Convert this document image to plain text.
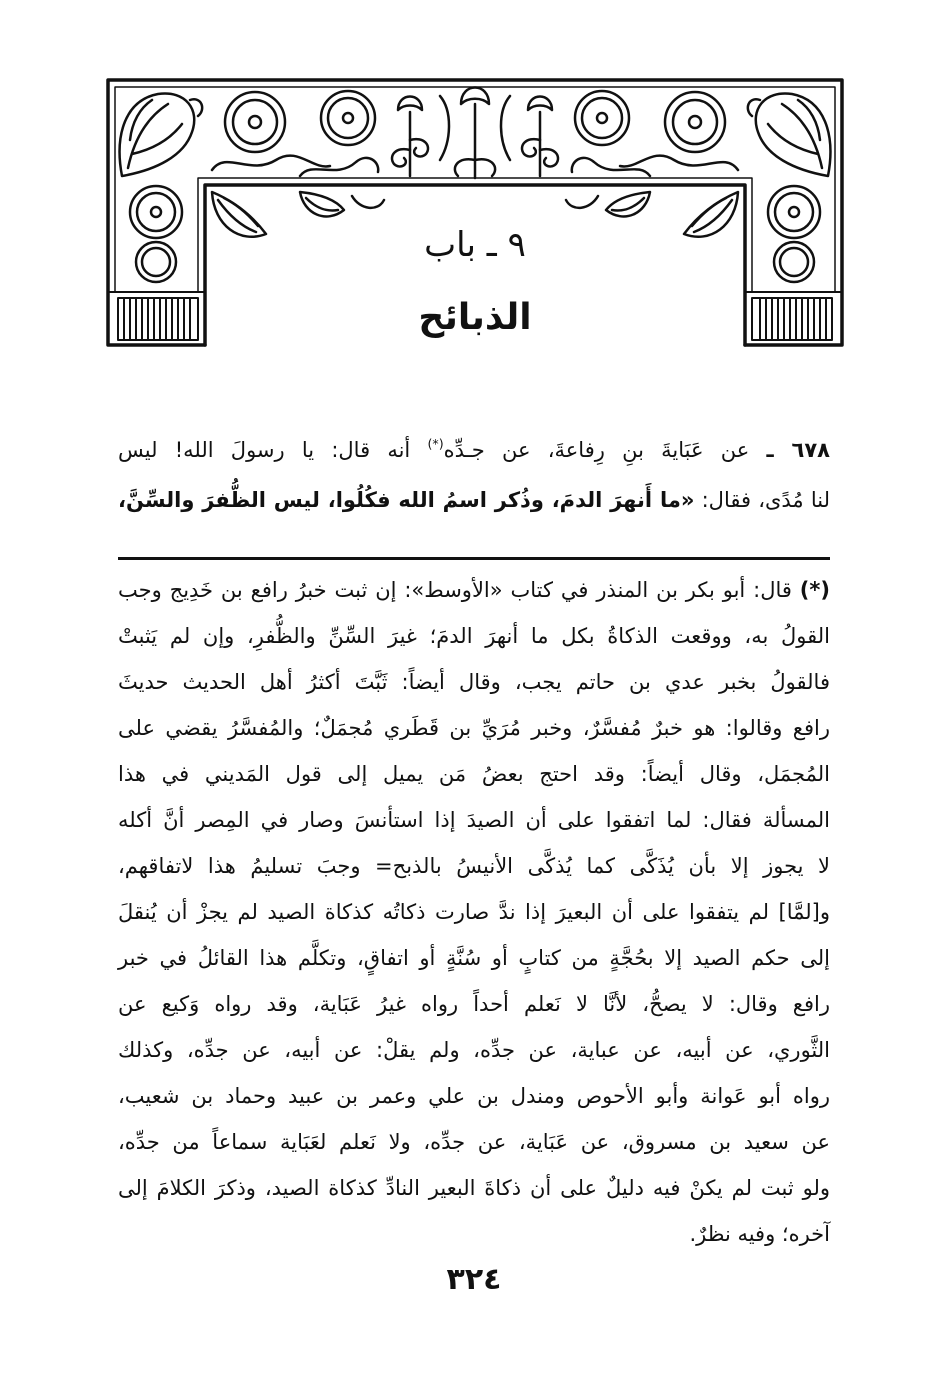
٩ ـ باب
الذبائح
٦٧٨ ـ عن عَبَايةَ بنِ رِفاعةَ، عن جـدِّه(*) أنه قال: يا رسولَ الله! ليس
لنا مُدًى، فقال: «ما أَنهرَ الدمَ، وذُكر اسمُ الله فكُلُوا، ليس الظُّفرَ والسِّنَّ،
(*) قال: أبو بكر بن المنذر في كتاب «الأوسط»: إن ثبت خبرُ رافع بن خَدِيج وجب
القولُ به، ووقعت الذكاةُ بكل ما أنهرَ الدمَ؛ غيرَ السِّنِّ والظُّفرِ، وإن لم يَثبتْ
فالقولُ بخبر عدي بن حاتم يجب، وقال أيضاً: ثَبَّتَ أكثرُ أهل الحديث حديثَ
رافع وقالوا: هو خبرٌ مُفسَّرٌ، وخبر مُرَيِّ بن قَطَري مُجمَلٌ؛ والمُفسَّرُ يقضي على
المُجمَل، وقال أيضاً: وقد احتج بعضُ مَن يميل إلى قول المَديني في هذا
المسألة فقال: لما اتفقوا على أن الصيدَ إذا استأنسَ وصار في المِصر أنَّ أكله
لا يجوز إلا بأن يُذَكَّى كما يُذكَّى الأنيسُ بالذبح= وجبَ تسليمُ هذا لاتفاقهم،
و[لمَّا] لم يتفقوا على أن البعيرَ إذا ندَّ صارت ذكاتُه كذكاة الصيد لم يجزْ أن يُنقلَ
إلى حكم الصيد إلا بحُجَّةٍ من كتابٍ أو سُنَّةٍ أو اتفاقٍ، وتكلَّم هذا القائلُ في خبر
رافع وقال: لا يصحُّ، لأنَّا لا نَعلم أحداً رواه غيرُ عَبَاية، وقد رواه وَكيع عن
الثَّوري، عن أبيه، عن عباية، عن جدِّه، ولم يقلْ: عن أبيه، عن جدِّه، وكذلك
رواه أبو عَوانة وأبو الأحوص ومندل بن علي وعمر بن عبيد وحماد بن شعيب،
عن سعيد بن مسروق، عن عَبَاية، عن جدِّه، ولا نَعلم لعَبَاية سماعاً من جدِّه،
ولو ثبت لم يكنْ فيه دليلٌ على أن ذكاةَ البعير النادِّ كذكاة الصيد، وذكرَ الكلامَ إلى
آخره؛ وفيه نظرٌ.
٣٢٤
